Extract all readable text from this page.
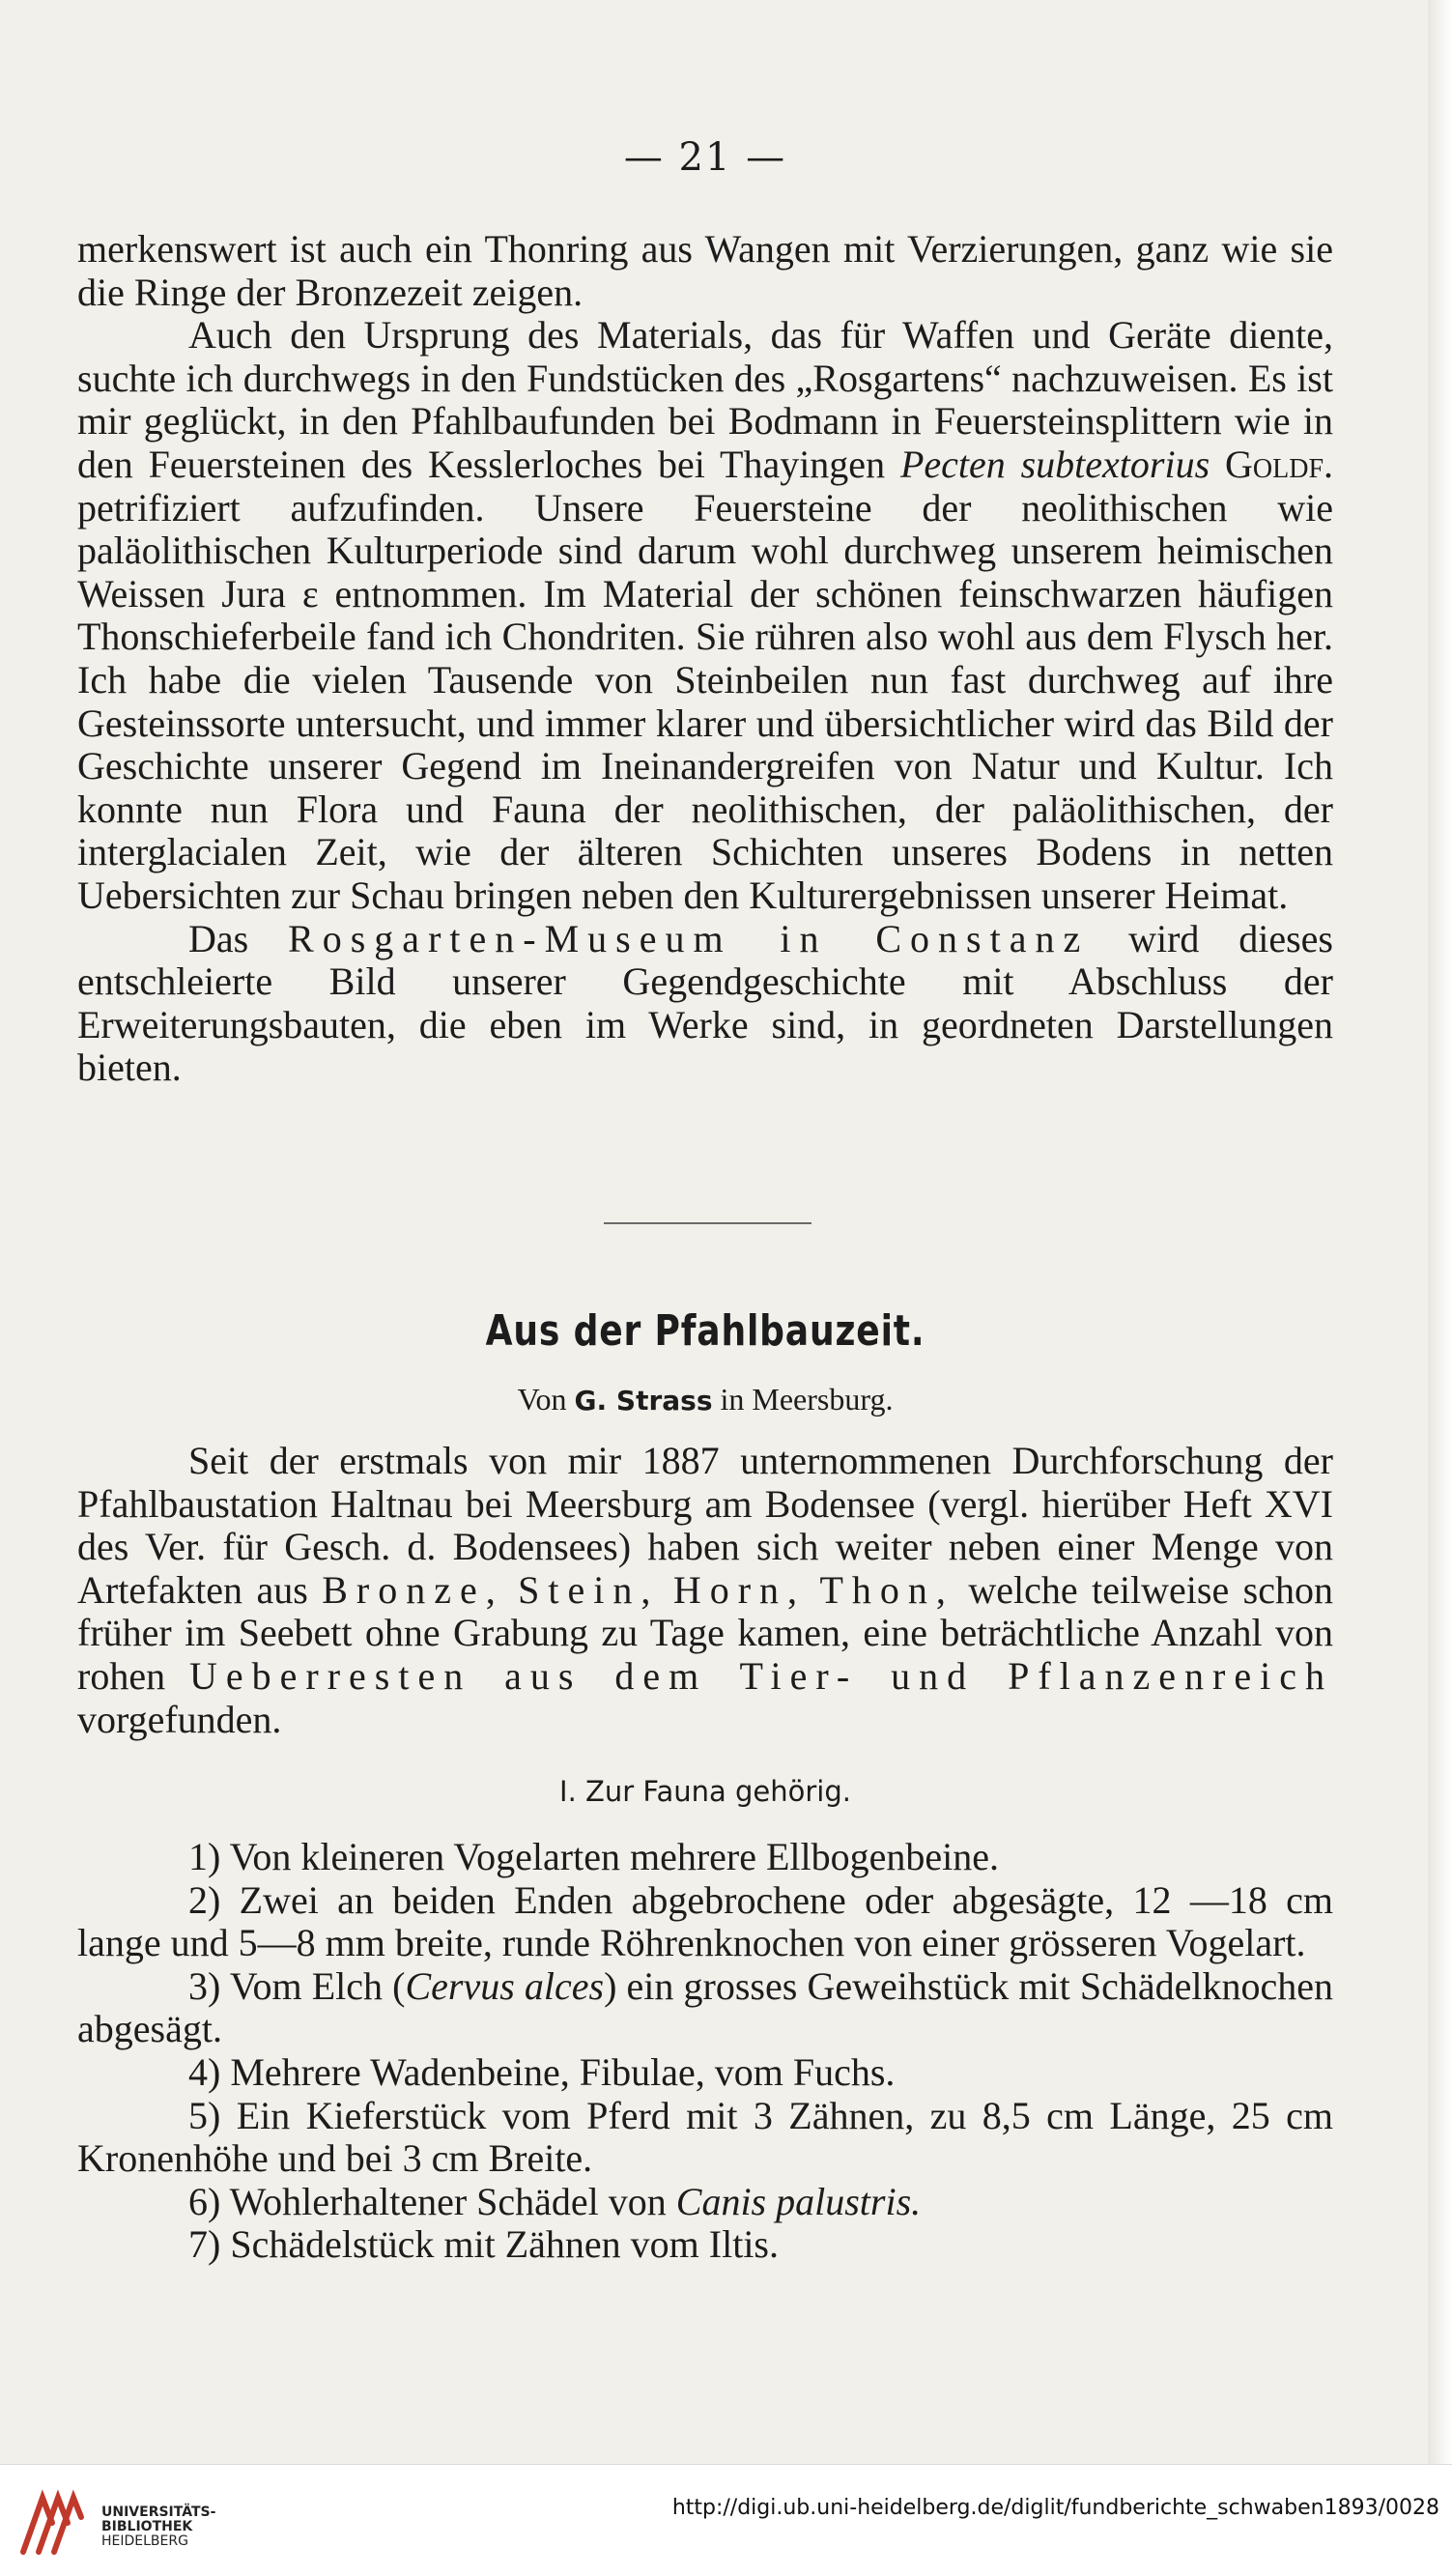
— 21 —

merkenswert ist auch ein Thonring aus Wangen mit Verzierungen, ganz wie sie die Ringe der Bronzezeit zeigen.

Auch den Ursprung des Materials, das für Waffen und Geräte diente, suchte ich durchwegs in den Fundstücken des „Rosgartens“ nachzuweisen. Es ist mir geglückt, in den Pfahlbaufunden bei Bodmann in Feuersteinsplittern wie in den Feuersteinen des Kesslerloches bei Thayingen Pecten subtextorius Goldf. petrifiziert aufzufinden. Unsere Feuersteine der neolithischen wie paläolithischen Kulturperiode sind darum wohl durchweg unserem heimischen Weissen Jura ε entnommen. Im Material der schönen feinschwarzen häufigen Thonschieferbeile fand ich Chondriten. Sie rühren also wohl aus dem Flysch her. Ich habe die vielen Tausende von Steinbeilen nun fast durchweg auf ihre Gesteinssorte untersucht, und immer klarer und übersichtlicher wird das Bild der Geschichte unserer Gegend im Ineinandergreifen von Natur und Kultur. Ich konnte nun Flora und Fauna der neolithischen, der paläolithischen, der interglacialen Zeit, wie der älteren Schichten unseres Bodens in netten Uebersichten zur Schau bringen neben den Kulturergebnissen unserer Heimat.

Das Rosgarten-Museum in Constanz wird dieses entschleierte Bild unserer Gegendgeschichte mit Abschluss der Erweiterungsbauten, die eben im Werke sind, in geordneten Darstellungen bieten.

Aus der Pfahlbauzeit.
Von G. Strass in Meersburg.

Seit der erstmals von mir 1887 unternommenen Durchforschung der Pfahlbaustation Haltnau bei Meersburg am Bodensee (vergl. hierüber Heft XVI des Ver. für Gesch. d. Bodensees) haben sich weiter neben einer Menge von Artefakten aus Bronze, Stein, Horn, Thon, welche teilweise schon früher im Seebett ohne Grabung zu Tage kamen, eine beträchtliche Anzahl von rohen Ueberresten aus dem Tier- und Pflanzenreich vorgefunden.

I. Zur Fauna gehörig.

1) Von kleineren Vogelarten mehrere Ellbogenbeine.

2) Zwei an beiden Enden abgebrochene oder abgesägte, 12 —18 cm lange und 5—8 mm breite, runde Röhrenknochen von einer grösseren Vogelart.

3) Vom Elch (Cervus alces) ein grosses Geweihstück mit Schädelknochen abgesägt.

4) Mehrere Wadenbeine, Fibulae, vom Fuchs.

5) Ein Kieferstück vom Pferd mit 3 Zähnen, zu 8,5 cm Länge, 25 cm Kronenhöhe und bei 3 cm Breite.

6) Wohlerhaltener Schädel von Canis palustris.

7) Schädelstück mit Zähnen vom Iltis.

UNIVERSITÄTS-
BIBLIOTHEK
HEIDELBERG
http://digi.ub.uni-heidelberg.de/diglit/fundberichte_schwaben1893/0028
